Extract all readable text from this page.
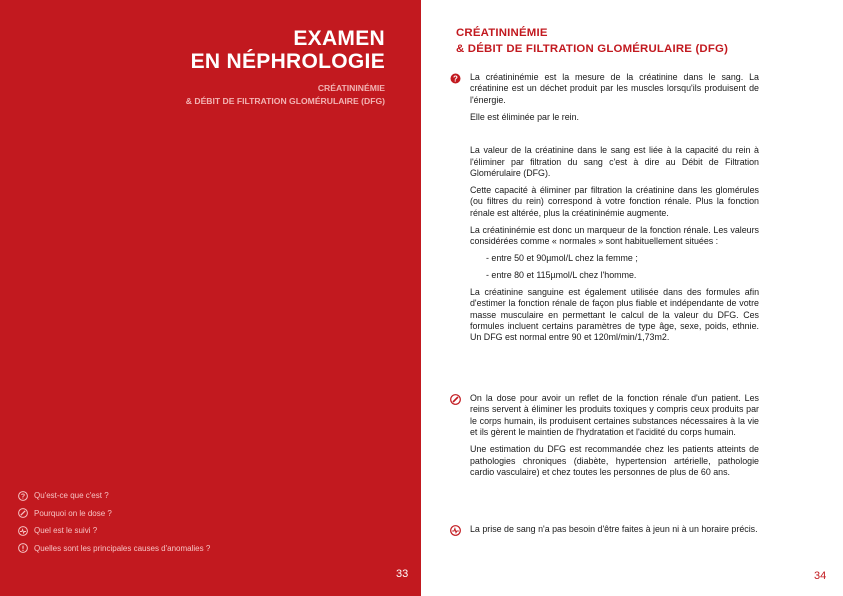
EXAMEN
EN NÉPHROLOGIE
CRÉATININÉMIE
& DÉBIT DE FILTRATION GLOMÉRULAIRE (DFG)
? Qu'est-ce que c'est ?
Pourquoi on le dose ?
Quel est le suivi ?
Quelles sont les principales causes d'anomalies ?
33
CRÉATININÉMIE
& DÉBIT DE FILTRATION GLOMÉRULAIRE (DFG)
? La créatininémie est la mesure de la créatinine dans le sang. La créatinine est un déchet produit par les muscles lorsqu'ils produisent de l'énergie.

Elle est éliminée par le rein.

La valeur de la créatinine dans le sang est liée à la capacité du rein à l'éliminer par filtration du sang c'est à dire au Débit de Filtration Glomérulaire (DFG).

Cette capacité à éliminer par filtration la créatinine dans les glomérules (ou filtres du rein) correspond à votre fonction rénale. Plus la fonction rénale est altérée, plus la créatininémie augmente.

La créatininémie est donc un marqueur de la fonction rénale. Les valeurs considérées comme « normales » sont habituellement situées :

- entre 50 et 90µmol/L chez la femme ;

- entre 80 et 115µmol/L chez l'homme.

La créatinine sanguine est également utilisée dans des formules afin d'estimer la fonction rénale de façon plus fiable et indépendante de votre masse musculaire en permettant le calcul de la valeur du DFG. Ces formules incluent certains paramètres de type âge, sexe, poids, ethnie. Un DFG est normal entre 90 et 120ml/min/1,73m2.

On la dose pour avoir un reflet de la fonction rénale d'un patient. Les reins servent à éliminer les produits toxiques y compris ceux produits par le corps humain, ils produisent certaines substances nécessaires à la vie et ils gèrent le maintien de l'hydratation et l'acidité du corps humain.

Une estimation du DFG est recommandée chez les patients atteints de pathologies chroniques (diabète, hypertension artérielle, pathologie cardio vasculaire) et chez toutes les personnes de plus de 60 ans.

La prise de sang n'a pas besoin d'être faites à jeun ni à un horaire précis.

34
